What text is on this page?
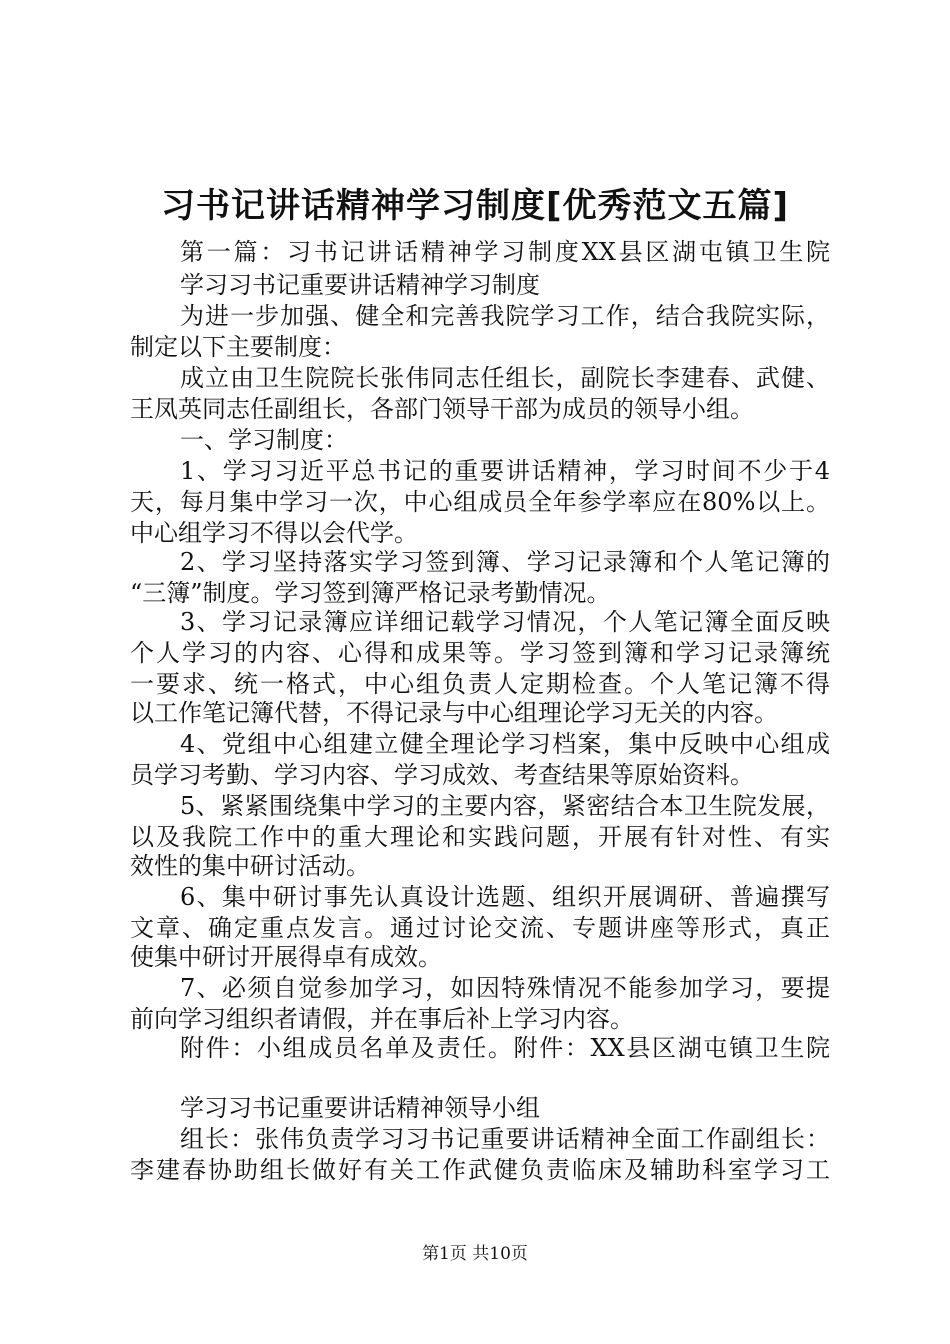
习书记讲话精神学习制度[优秀范文五篇]
第一篇：习书记讲话精神学习制度XX县区湖屯镇卫生院
学习习书记重要讲话精神学习制度
为进一步加强、健全和完善我院学习工作，结合我院实际，
制定以下主要制度：
成立由卫生院院长张伟同志任组长，副院长李建春、武健、
王凤英同志任副组长，各部门领导干部为成员的领导小组。
一、学习制度：
1、学习习近平总书记的重要讲话精神，学习时间不少于4
天，每月集中学习一次，中心组成员全年参学率应在80%以上。
中心组学习不得以会代学。
2、学习坚持落实学习签到簿、学习记录簿和个人笔记簿的
“三簿”制度。学习签到簿严格记录考勤情况。
3、学习记录簿应详细记载学习情况，个人笔记簿全面反映
个人学习的内容、心得和成果等。学习签到簿和学习记录簿统
一要求、统一格式，中心组负责人定期检查。个人笔记簿不得
以工作笔记簿代替，不得记录与中心组理论学习无关的内容。
4、党组中心组建立健全理论学习档案，集中反映中心组成
员学习考勤、学习内容、学习成效、考查结果等原始资料。
5、紧紧围绕集中学习的主要内容，紧密结合本卫生院发展，
以及我院工作中的重大理论和实践问题，开展有针对性、有实
效性的集中研讨活动。
6、集中研讨事先认真设计选题、组织开展调研、普遍撰写
文章、确定重点发言。通过讨论交流、专题讲座等形式，真正
使集中研讨开展得卓有成效。
7、必须自觉参加学习，如因特殊情况不能参加学习，要提
前向学习组织者请假，并在事后补上学习内容。
附件：小组成员名单及责任。附件：XX县区湖屯镇卫生院
学习习书记重要讲话精神领导小组
组长：张伟负责学习习书记重要讲话精神全面工作副组长：
李建春协助组长做好有关工作武健负责临床及辅助科室学习工
第1页 共10页
